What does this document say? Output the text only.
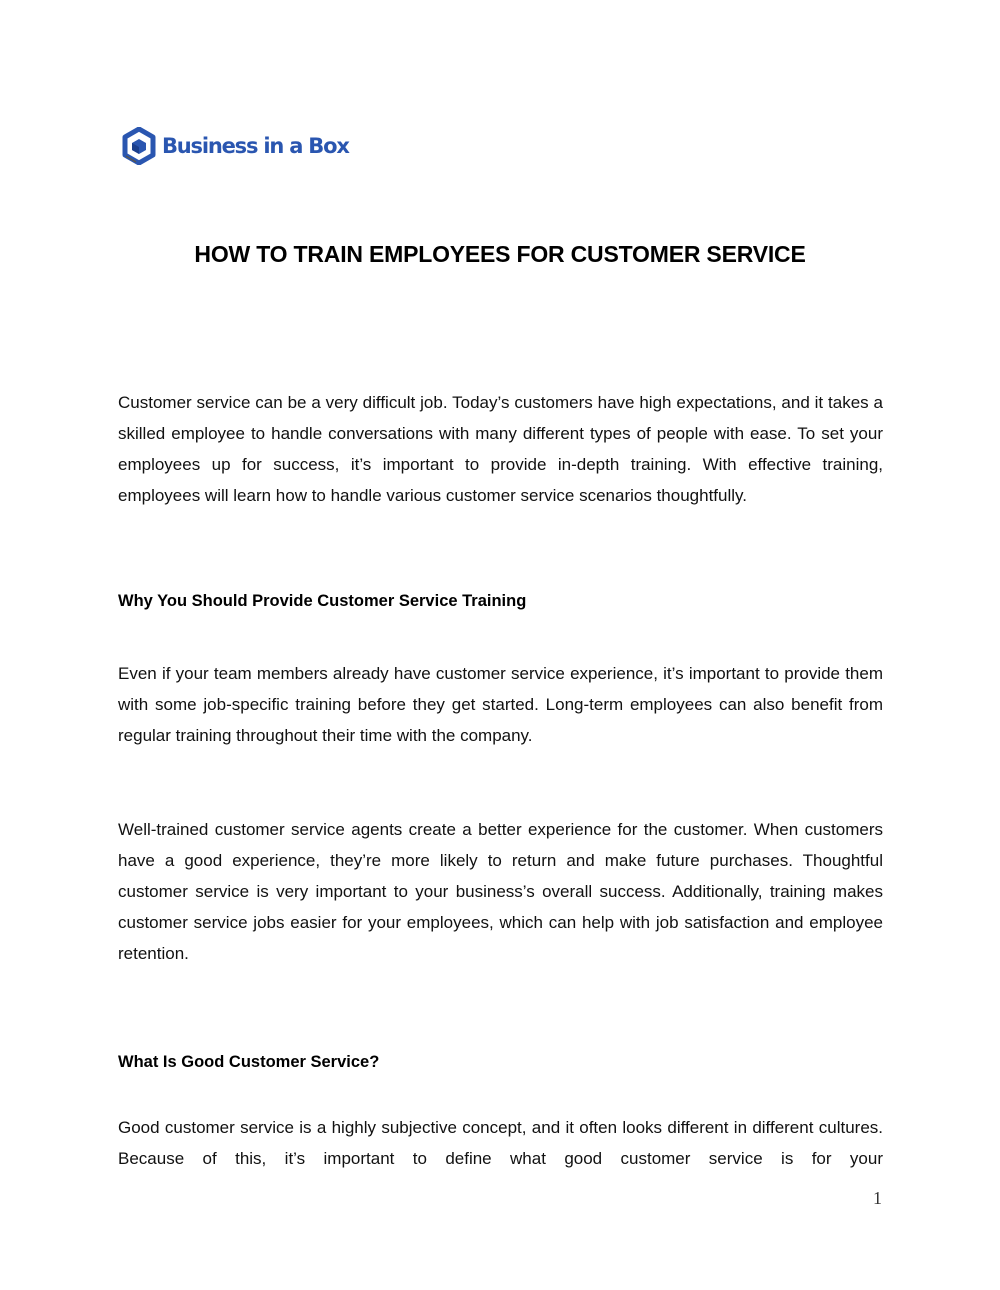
Business in a Box
HOW TO TRAIN EMPLOYEES FOR CUSTOMER SERVICE

Customer service can be a very difficult job. Today’s customers have high expectations, and it takes a skilled employee to handle conversations with many different types of people with ease. To set your employees up for success, it’s important to provide in-depth training. With effective training, employees will learn how to handle various customer service scenarios thoughtfully.

Why You Should Provide Customer Service Training

Even if your team members already have customer service experience, it’s important to provide them with some job-specific training before they get started. Long-term employees can also benefit from regular training throughout their time with the company.

Well-trained customer service agents create a better experience for the customer. When customers have a good experience, they’re more likely to return and make future purchases. Thoughtful customer service is very important to your business’s overall success. Additionally, training makes customer service jobs easier for your employees, which can help with job satisfaction and employee retention.

What Is Good Customer Service?

Good customer service is a highly subjective concept, and it often looks different in different cultures. Because of this, it’s important to define what good customer service is for your

1
